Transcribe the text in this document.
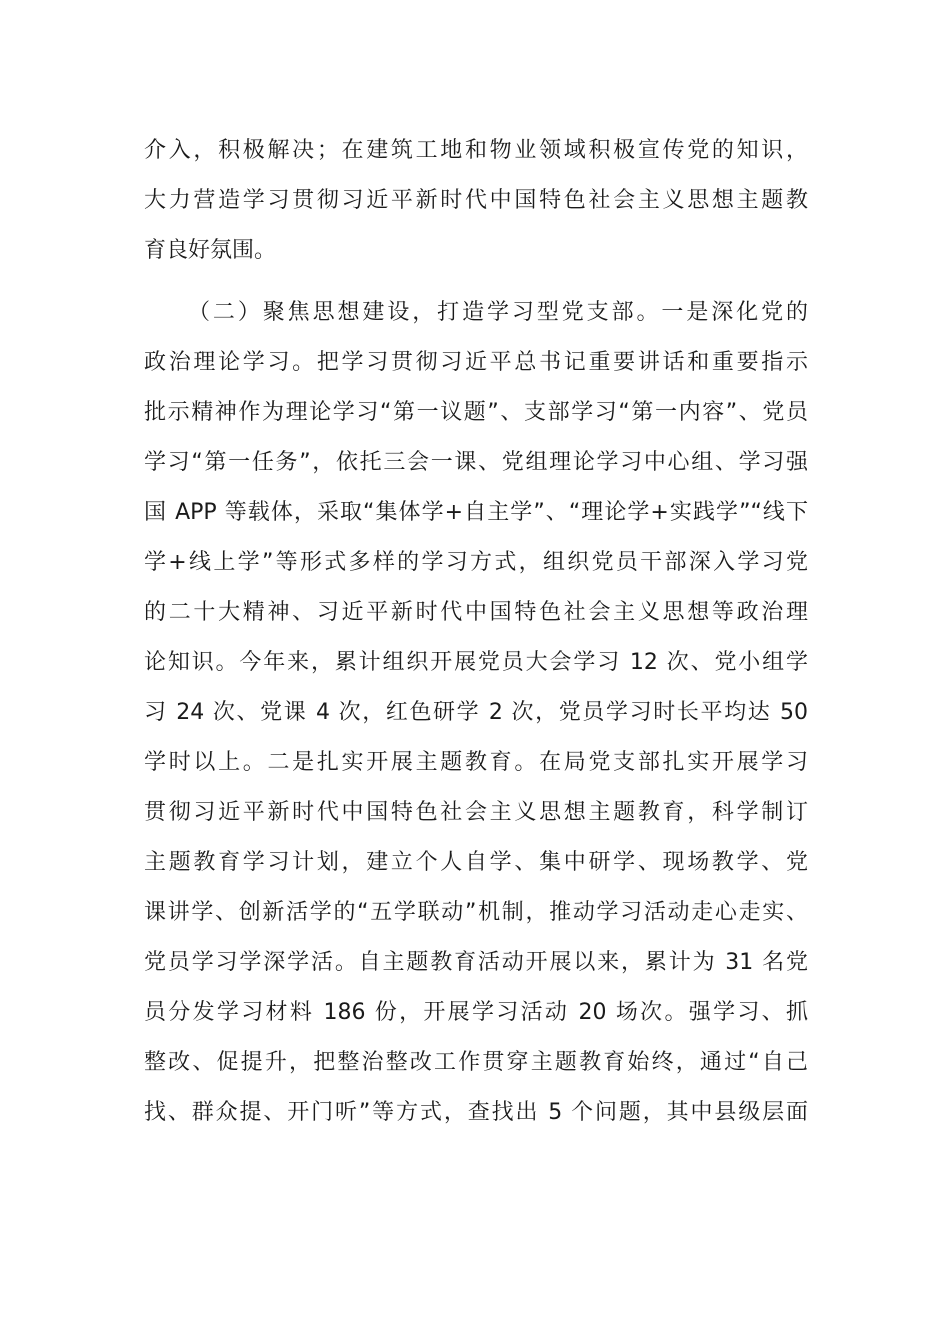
介入，积极解决；在建筑工地和物业领域积极宣传党的知识，
大力营造学习贯彻习近平新时代中国特色社会主义思想主题教
育良好氛围。
（二）聚焦思想建设，打造学习型党支部。一是深化党的
政治理论学习。把学习贯彻习近平总书记重要讲话和重要指示
批示精神作为理论学习“第一议题”、支部学习“第一内容”、党员
学习“第一任务”，依托三会一课、党组理论学习中心组、学习强
国 APP 等载体，采取“集体学+自主学”、“理论学+实践学”“线下
学+线上学”等形式多样的学习方式，组织党员干部深入学习党
的二十大精神、习近平新时代中国特色社会主义思想等政治理
论知识。今年来，累计组织开展党员大会学习 12 次、党小组学
习 24 次、党课 4 次，红色研学 2 次，党员学习时长平均达 50
学时以上。二是扎实开展主题教育。在局党支部扎实开展学习
贯彻习近平新时代中国特色社会主义思想主题教育，科学制订
主题教育学习计划，建立个人自学、集中研学、现场教学、党
课讲学、创新活学的“五学联动”机制，推动学习活动走心走实、
党员学习学深学活。自主题教育活动开展以来，累计为 31 名党
员分发学习材料 186 份，开展学习活动 20 场次。强学习、抓
整改、促提升，把整治整改工作贯穿主题教育始终，通过“自己
找、群众提、开门听”等方式，查找出 5 个问题，其中县级层面
